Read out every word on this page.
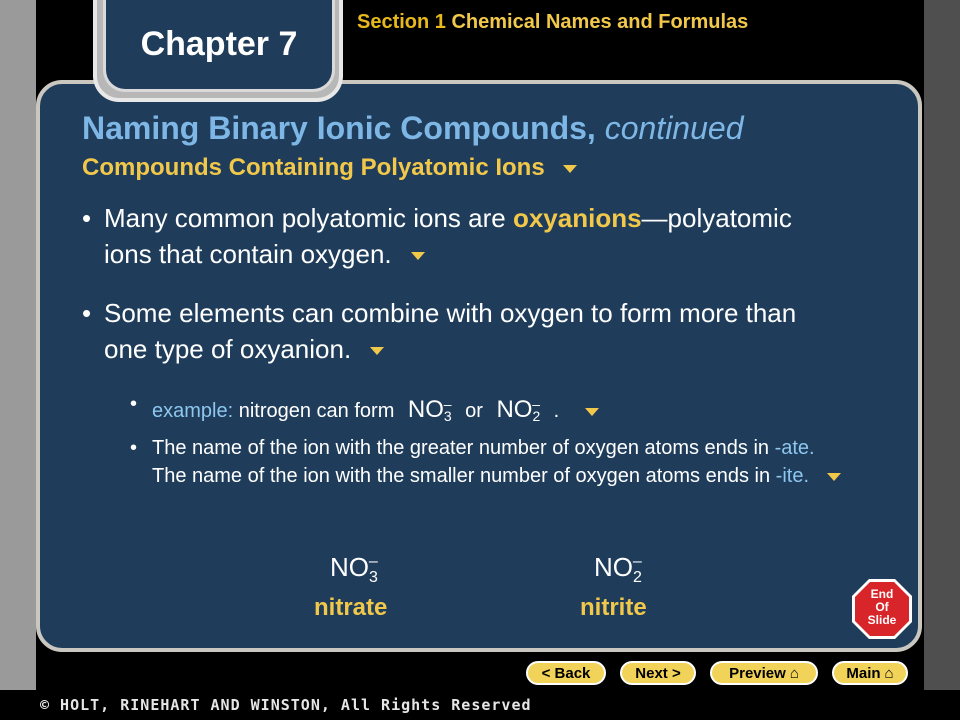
Chapter 7
Section 1 Chemical Names and Formulas
Naming Binary Ionic Compounds, continued
Compounds Containing Polyatomic Ions
• Many common polyatomic ions are oxyanions—polyatomic ions that contain oxygen.
• Some elements can combine with oxygen to form more than one type of oxyanion.
• example: nitrogen can form $NO_3^-$ or $NO_2^-$ .
• The name of the ion with the greater number of oxygen atoms ends in -ate. The name of the ion with the smaller number of oxygen atoms ends in -ite.
$NO_3^-$
nitrate
$NO_2^-$
nitrite	End
Of
Slide
< Back	Next >	Preview ⌂	Main ⌂
© HOLT, RINEHART AND WINSTON, All Rights Reserved
